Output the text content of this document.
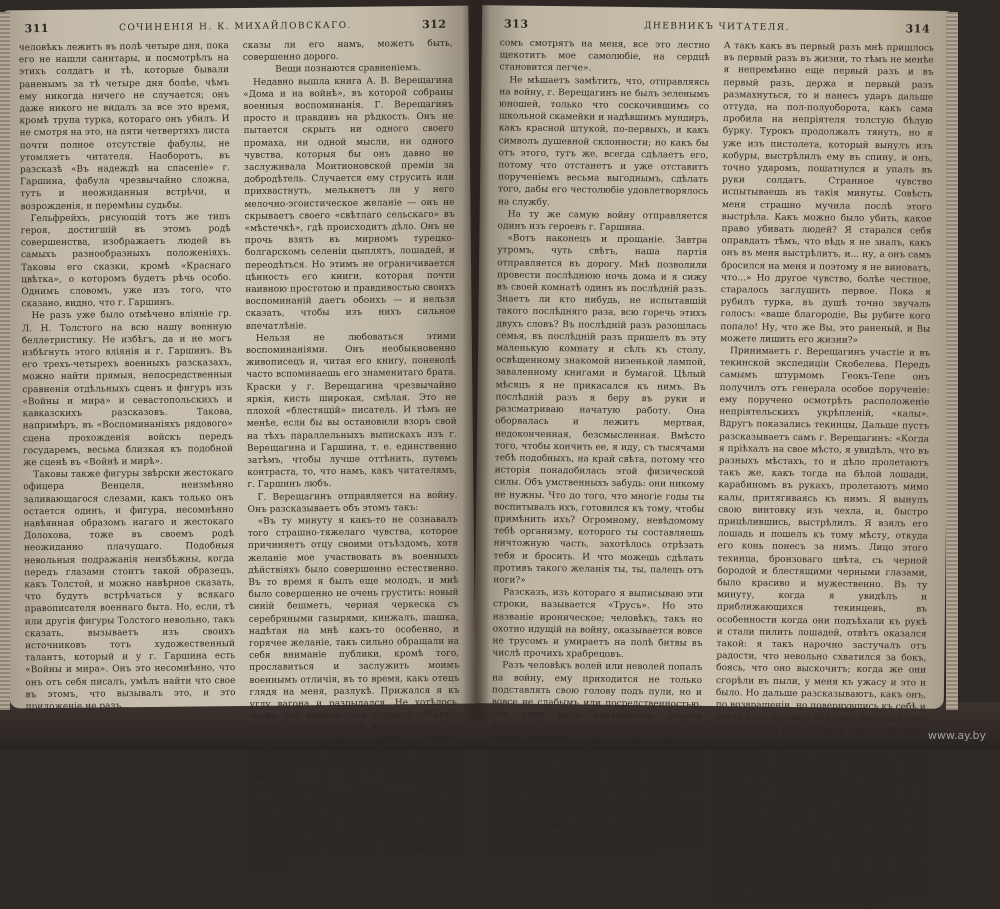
311	СОЧИНЕНІЯ Н. К. МИХАЙЛОВСКАГО.	312

человѣкъ лежитъ въ полѣ четыре дня, пока его не нашли санитары, и посмотрѣлъ на этихъ солдатъ и тѣ, которые бывали раненымъ за тѣ четыре дня болѣе, чѣмъ ему никогда ничего не случается; онъ даже никого не видалъ за все это время, кромѣ трупа турка, котораго онъ убилъ. И не смотря на это, на пяти четвертяхъ листа почти полное отсутствіе фабулы, не утомляетъ читателя. Наоборотъ, въ разсказѣ «Въ надеждѣ на спасеніе» г. Гаршина, фабула чрезвычайно сложна, тутъ и неожиданныя встрѣчи, и возрожденія, и перемѣны судьбы.

Гельфрейхъ, рисующій тотъ же типъ героя, достигшій въ этомъ родѣ совершенства, изображаетъ людей въ самыхъ разнообразныхъ положеніяхъ. Таковы его сказки, кромѣ «Краснаго цвѣтка», о которомъ будетъ рѣчь особо. Однимъ словомъ, уже изъ того, что сказано, видно, что г. Гаршинъ.

Не разъ уже было отмѣчено вліяніе гр. Л. Н. Толстого на всю нашу военную беллетристику. Не избѣгъ, да и не могъ избѣгнуть этого вліянія и г. Гаршинъ. Въ его трехъ-четырехъ военныхъ разсказахъ, можно найти прямыя, непосредственныя сравненія отдѣльныхъ сценъ и фигуръ изъ «Войны и мира» и севастопольскихъ и кавказскихъ разсказовъ. Такова, напримѣръ, въ «Воспоминаніяхъ рядового» сцена прохожденія войскъ передъ государемъ, весьма близкая къ подобной же сценѣ въ «Войнѣ и мирѣ».

Таковы также фигуры звѣрски жестокаго офицера Венцеля, неизмѣнно заливающагося слезами, какъ только онъ остается одинъ, и фигура, несомнѣнно навѣянная образомъ нагаго и жестокаго Долохова, тоже въ своемъ родѣ неожиданно плачущаго. Подобныя невольныя подражанія неизбѣжны, когда передъ глазами стоитъ такой образецъ, какъ Толстой, и можно навѣрное сказать, что будутъ встрѣчаться у всякаго правописателя военнаго быта. Но, если, тѣ или другія фигуры Толстого невольно, такъ сказать, вызываетъ изъ своихъ источниковъ тотъ художественный талантъ, который и у г. Гаршина есть «Войны и мира». Онъ это несомнѣнно, что онъ отъ себя писалъ, умѣлъ найти что свое въ этомъ, что вызывалъ это, и это приложеніе не разъ.

сказы ли его намъ, можетъ быть, совершенно дорого.

Вещи познаются сравненіемъ.

Недавно вышла книга А. В. Верещагина «Дома и на войнѣ», въ которой собраны военныя воспоминанія. Г. Верещагинъ просто и правдивъ на рѣдкость. Онъ не пытается скрыть ни одного своего промаха, ни одной мысли, ни одного чувства, которыя бы онъ давно не заслуживала Монтионовской преміи за добродѣтель. Случается ему струсить или прихвастнуть, мелькнетъ ли у него мелочно-эгоистическое желаніе — онъ не скрываетъ своего «свѣтлаго сельскаго» въ «мѣстечкѣ», гдѣ происходитъ дѣло. Онъ не прочь взять въ мирномъ турецко-болгарскомъ селеніи цыплятъ, лошадей, и переодѣться. Но этимъ не ограничивается цѣнность его книги, которая почти наивною простотою и правдивостью своихъ воспоминаній даетъ обоихъ — и нельзя сказать, чтобы изъ нихъ сильное впечатлѣніе.

Нельзя не любоваться этими воспоминаніями. Онъ необыкновенно живописецъ и, читая его книгу, поневолѣ часто вспоминаешь его знаменитаго брата. Краски у г. Верещагина чрезвычайно яркія, кисть широкая, смѣлая. Это не плохой «блестящій» писатель. И тѣмъ не менѣе, если бы вы остановили взоръ свой на тѣхъ параллельныхъ выпискахъ изъ г. Верещагина и Гаршина, т. е. единственно затѣмъ, чтобы лучше оттѣнить, путемъ контраста, то, что намъ, какъ читателямъ, г. Гаршинъ любъ.

Г. Верещагинъ отправляется на войну. Онъ разсказываетъ объ этомъ такъ:

«Въ ту минуту я какъ-то не сознавалъ того страшно-тяжелаго чувства, которое причиняетъ отцу своими отъѣздомъ, хотя желаніе мое участвовать въ военныхъ дѣйствіяхъ было совершенно естественно. Въ то время я былъ еще молодъ, и мнѣ было совершенно не очень грустить: новый синій бешметъ, черная черкеска съ серебряными газырями, кинжалъ, шашка, надѣтая на мнѣ какъ-то особенно, и горячее желаніе, такъ сильно обращали на себя вниманіе публики, кромѣ того, прославиться и заслужить моимъ военнымъ отличія, въ то время, какъ отецъ глядя на меня, разлукѣ. Прижался я къ углу вагона и разрыдался. Не хотѣлось, чтобы всѣ видѣли, что я плачу. «Какъ!.. казакъ, съ виду такой воинственный, въ такой страшной шапкѣ, вдругъ расплакался?» Что подумаютъ обо мнѣ сосѣди? Всѣ они такъ удивлено на меня смотрятъ и съ любопытствомъ разглядываютъ всего. Невольно отвернулся я къ окошку и задумался. Но вотъ первый звонокъ. Кондукторъ, Я выхожу, садятся отправятся въ дорогу. Жандармъ на платформѣ вытягивается передо мной, а барыни и барышни съ интере-

313	ДНЕВНИКЪ ЧИТАТЕЛЯ.	314

сомъ смотрятъ на меня, все это лестно щекотитъ мое самолюбіе, на сердцѣ становится легче».

Не мѣшаетъ замѣтить, что, отправляясь на войну, г. Верещагинъ не былъ зеленымъ юношей, только что соскочившимъ со школьной скамейки и надѣвшимъ мундиръ, какъ красной штукой, по-первыхъ, и какъ символъ душевной склонности; но какъ бы отъ этого, тутъ же, всегда сдѣлаетъ его, потому что отстанетъ и уже отставитъ порученіемъ весьма выгоднымъ, сдѣлать того, дабы его честолюбіе удовлетворялось на службу.

На ту же самую войну отправляется одинъ изъ героевъ г. Гаршина.

«Вотъ наконецъ и прощаніе. Завтра утромъ, чуть свѣтъ, наша партія отправляется въ дорогу. Мнѣ позволили провести послѣднюю ночь дома и я сижу въ своей комнатѣ одинъ въ послѣдній разъ. Знаетъ ли кто нибудь, не испытавшій такого послѣдняго раза, всю горечь этихъ двухъ словъ? Въ послѣдній разъ разошлась семья, въ послѣдній разъ пришелъ въ эту маленькую комнату и сѣлъ къ столу, освѣщенному знакомой низенькой лампой, заваленному книгами и бумагой. Цѣлый мѣсяцъ я не прикасался къ нимъ. Въ послѣдній разъ я беру въ руки и разсматриваю начатую работу. Она оборвалась и лежитъ мертвая, недоконченная, безсмысленная. Вмѣсто того, чтобы кончить ее, я иду, съ тысячами тебѣ подобныхъ, на край свѣта, потому что исторія понадобилась этой физической силы. Объ умственныхъ забудь: они никому не нужны. Что до того, что многіе годы ты воспитывалъ ихъ, готовился къ тому, чтобы примѣнить ихъ? Огромному, невѣдомому тебѣ организму, которого ты составляешь ничтожную часть, захотѣлось отрѣзать тебя и бросить. И что можешь сдѣлать противъ такого желанія ты, ты, палецъ отъ ноги?»

Разсказъ, изъ котораго я выписываю эти строки, называется «Трусъ». Но это названіе ироническое; человѣкъ, такъ но охотно идущій на войну, оказывается вовсе не трусомъ и умираетъ на полѣ битвы въ числѣ прочихъ храбрецовъ.

Разъ человѣкъ волей или неволей попалъ на войну, ему приходится не только подставлять свою голову подъ пули, но и вовсе не слабымъ или посредственностью, онъ самъ разъ оказывается, спустя довольно продолжительное время, въ такихъ условіяхъ, которыя совершенно ему противорѣчатъ. «Увидавъ турка, въ первое мгновеніе я такъ, будто опомнился отъ неожиданности и въ голову мнѣ, какъ сумасшедшій накинулся, и что закричать: «Здѣсь, здѣсь, вотъ онъ, мой!» Въ то же время замахиваюсь на него плетью, вмѣсто шашки. Затѣмъ, вынувъ ее, не слишкомъ замѣтя этого, но въ испугѣ, выхватываю шашку и наношу ударъ по плечу.

А такъ какъ въ первый разъ мнѣ пришлось въ первый разъ въ жизни, то тѣмъ не менѣе я непремѣнно еще первый разъ и въ первый разъ, держа и первый разъ размахнуться, то и нанесъ ударъ дальше оттуда, на пол-полуоборота, какъ сама пробила на непріятеля толстую бѣлую бурку. Турокъ продолжалъ тянуть, но я уже изъ пистолета, который вынулъ изъ кобуры, выстрѣлилъ ему въ спину, и онъ, точно ударомъ, пошатнулся и упалъ въ руки солдатъ. Странное чувство испытываешь въ такія минуты. Совѣсть меня страшно мучила послѣ этого выстрѣла. Какъ можно было убить, какое право убивать людей? Я старался себя оправдать тѣмъ, что вѣдь я не зналъ, какъ онъ въ меня выстрѣлитъ, и... ну, а онъ самъ бросился на меня и поэтому я не виноватъ, что...» Но другое чувство, болѣе честное, старалось заглушить первое. Пока я рубилъ турка, въ душѣ точно звучалъ голосъ: «ваше благородіе, Вы рубите кого попало! Ну, что же Вы, это раненый, и Вы можете лишить его жизни?»

Принимаетъ г. Верещагинъ участіе и въ текинской экспедиціи Скобелева. Передъ самымъ штурмомъ Геокъ-Тепе онъ получилъ отъ генерала особое порученіе: ему поручено осмотрѣть расположеніе непріятельскихъ укрѣпленій, «калы». Вдругъ показались текинцы, Дальше пустъ разсказываетъ самъ г. Верещагинъ: «Когда я пріѣхалъ на свое мѣсто, я увидѣлъ, что въ разныхъ мѣстахъ, то и дѣло пролетаютъ такъ же, какъ тогда на бѣлой лошади, карабиномъ въ рукахъ, пролетаютъ мимо калы, притягиваясь къ нимъ. Я вынулъ свою винтовку изъ чехла, и, быстро прицѣлившись, выстрѣлилъ. Я взялъ его лошадь и пошелъ къ тому мѣсту, откуда его конь понесъ за нимъ. Лицо этого техинца, бронзоваго цвѣта, съ черной бородой и блестящими черными глазами, было красиво и мужественно. Въ ту минуту, когда я увидѣлъ и приближающихся текинцевъ, въ особенности когда они подъѣхали къ рукѣ и стали пилить лошадей, отвѣтъ оказался такой: я такъ нарочно застучалъ отъ радости, что невольно схватился за бокъ, боясь, что оно выскочитъ; когда же они сгорѣли въ пыли, у меня къ ужасу и это и было. Но дальше разсказываютъ, какъ онъ, по возвращеніи, но повернувшись къ себѣ и сталъ подъ пулями. Всѣ такъ было сдѣлано въ послѣдній разъ. Между тѣмъ Скобелевъ возвращался къ своимъ. Въ Верещагинъ назначенъ быть защитникомъ этихъ укрѣпленій, и дорогой говоритъ: «Ну, скажи у Верещагина есть убитые или раненые?» Мой конь, какъ было, и я вынуждено отвѣтилъ: «Никакъ нѣтъ». Генералъ, словно неудовольствіемъ, и дѣйствительно представилъ меня къ Георгіевскому кресту». И какъ я услыхалъ это — разсказываетъ г. Верещагинъ, — мнѣ было совсѣмъ не до того въ этихъ условіяхъ, и когда просто сказали: «Еще бы не быть рубить головы въ рядахъ у текинцевъ подъ носъ моего носу!...»

www.ay.by
